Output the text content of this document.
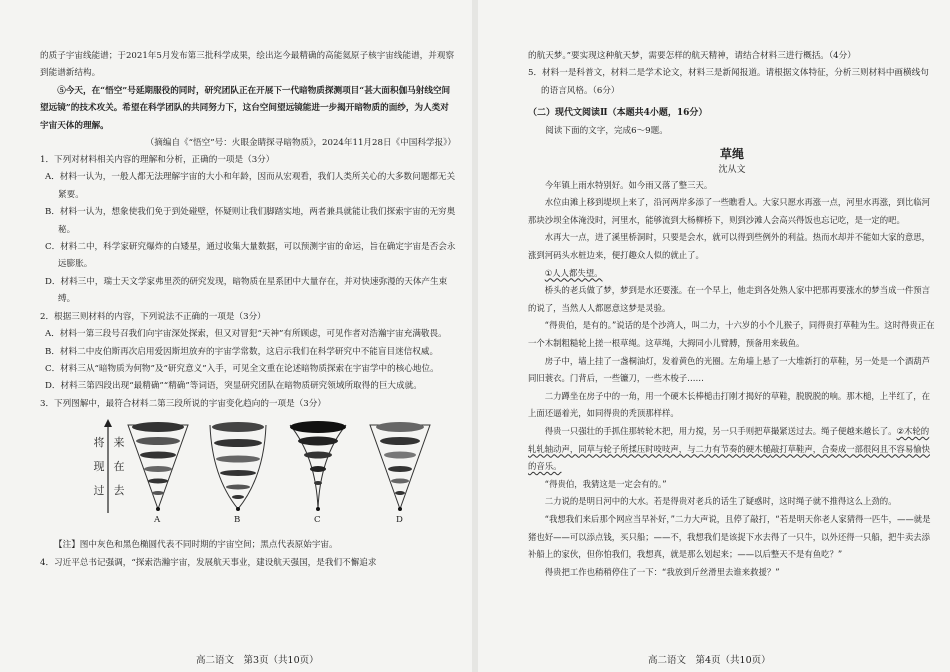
的质子宇宙线能谱；于2021年5月发布第三批科学成果，绘出迄今最精确的高能氦原子核宇宙线能谱，并观察到能谱新结构。

⑤今天，在“悟空”号延期服役的同时，研究团队正在开展下一代暗物质探测项目“甚大面积伽马射线空间望远镜”的技术攻关。希望在科学团队的共同努力下，这台空间望远镜能进一步揭开暗物质的面纱，为人类对宇宙天体的理解。

（摘编自《“悟空”号：火眼金睛探寻暗物质》，2024年11月28日《中国科学报》）

1．下列对材料相关内容的理解和分析，正确的一项是（3分）

A．材料一认为，一般人都无法理解宇宙的大小和年龄，因而从宏观看，我们人类所关心的大多数问题都无关紧要。

B．材料一认为，想象使我们免于到处碰壁，怀疑则让我们脚踏实地，两者兼具就能让我们探索宇宙的无穷奥秘。

C．材料二中，科学家研究爆炸的白矮星，通过收集大量数据，可以预测宇宙的命运，旨在确定宇宙是否会永远膨胀。

D．材料三中，瑞士天文学家弗里茨的研究发现，暗物质在星系团中大量存在，并对快速弥漫的天体产生束缚。

2．根据三则材料的内容，下列说法不正确的一项是（3分）

A．材料一第三段号召我们向宇宙深处探索，但又对冒犯“天神”有所顾虑，可见作者对浩瀚宇宙充满敬畏。

B．材料二中皮伯斯再次启用爱因斯坦放弃的宇宙学常数，这启示我们在科学研究中不能盲目迷信权威。

C．材料三从“暗物质为何物”及“研究意义”入手，可见全文重在论述暗物质探索在宇宙学中的核心地位。

D．材料三第四段出现“最精确”“精确”等词语，突显研究团队在暗物质研究领域所取得的巨大成就。

3．下列图解中，最符合材料二第三段所说的宇宙变化趋向的一项是（3分）

将
现
过
来
在
去
A	B	C	D

【注】图中灰色和黑色椭圆代表不同时期的宇宙空间；黑点代表原始宇宙。

4．习近平总书记强调，“探索浩瀚宇宙，发展航天事业，建设航天强国，是我们不懈追求

高二语文　第3页（共10页）

的航天梦。”要实现这种航天梦，需要怎样的航天精神，请结合材料三进行概括。（4分）

5．材料一是科普文，材料二是学术论文，材料三是新闻报道。请根据文体特征，分析三则材料中画横线句的语言风格。（6分）

（二）现代文阅读Ⅱ（本题共4小题，16分）

阅读下面的文字，完成6～9题。

草绳

沈从文

今年镇上雨水特别好。如今雨又落了整三天。

水位由滩上移到堤坝上来了，沿河两岸多添了一些瞧看人。大家只愿水再涨一点，河里水再涨，到比临河那块沙坝全体淹没时，河里水，能够流到大杨柳桥下，则到沙滩人会高兴得饭也忘记吃，是一定的吧。

水再大一点，进了溪里桥洞时，只要是会水，就可以得到些例外的利益。热而水却并不能如大家的意思，涨到河码头水桩边来，便打趣众人似的就止了。

①人人都失望。

桥头的老兵做了梦，梦到是水还要涨。在一个早上，他走到各处熟人家中把那再要涨水的梦当成一件预言的说了，当然人人都愿意这梦是灵验。

“得贵伯，是有的。”说话的是个沙湾人，叫二力，十六岁的小个儿猴子，同得贵打草鞋为生。这时得贵正在一个木制粗糙轮上搓一根草绳。这草绳，大拇同小儿臂膊，预备用来载鱼。

房子中，墙上挂了一盏桐油灯，发着黄色的光圈。左角墙上悬了一大堆新打的草鞋，另一处是一个酒葫芦同旧蓑衣。门背后，一些镰刀，一些木梭子……

二力蹲坐在房子中的一角，用一个硬木长棒槌击打刚才揭好的草鞋，脱脱脱的响。那木槌，上半红了，在上面还逼着光，如同得贵的秃顶那样样。

得贵一只强壮的手抓住那转轮木把，用力搅，另一只手则把草撮紧送过去。绳子便越来越长了。②木轮的轧轧轴动声，同草与轮子所揉压时吱吱声，与二力有节奏的硬木槌敲打草鞋声，合奏成一部很闷且不容易愉快的音乐。

“得贵伯，我猜这是一定会有的。”

二力说的是明日河中的大水。若是得贵对老兵的话生了疑惑时，这时绳子就不推得这么上劲的。

“我想我们来后那个网应当早补好，”二力大声说，且停了敲打，“若是明天你老人家猜得一匹牛，——就是猪也好——可以添点钱，买只船；——不，我想我们是该捉下水去得了一只牛，以外还得一只船，把牛卖去添补船上的家伙，但你怕我们，我想真，就是那么划起来；——以后整天不是有鱼吃？”

得贵把工作也稍稍停住了一下：“我放到斤丝滑里去谁来救援？”

高二语文　第4页（共10页）
